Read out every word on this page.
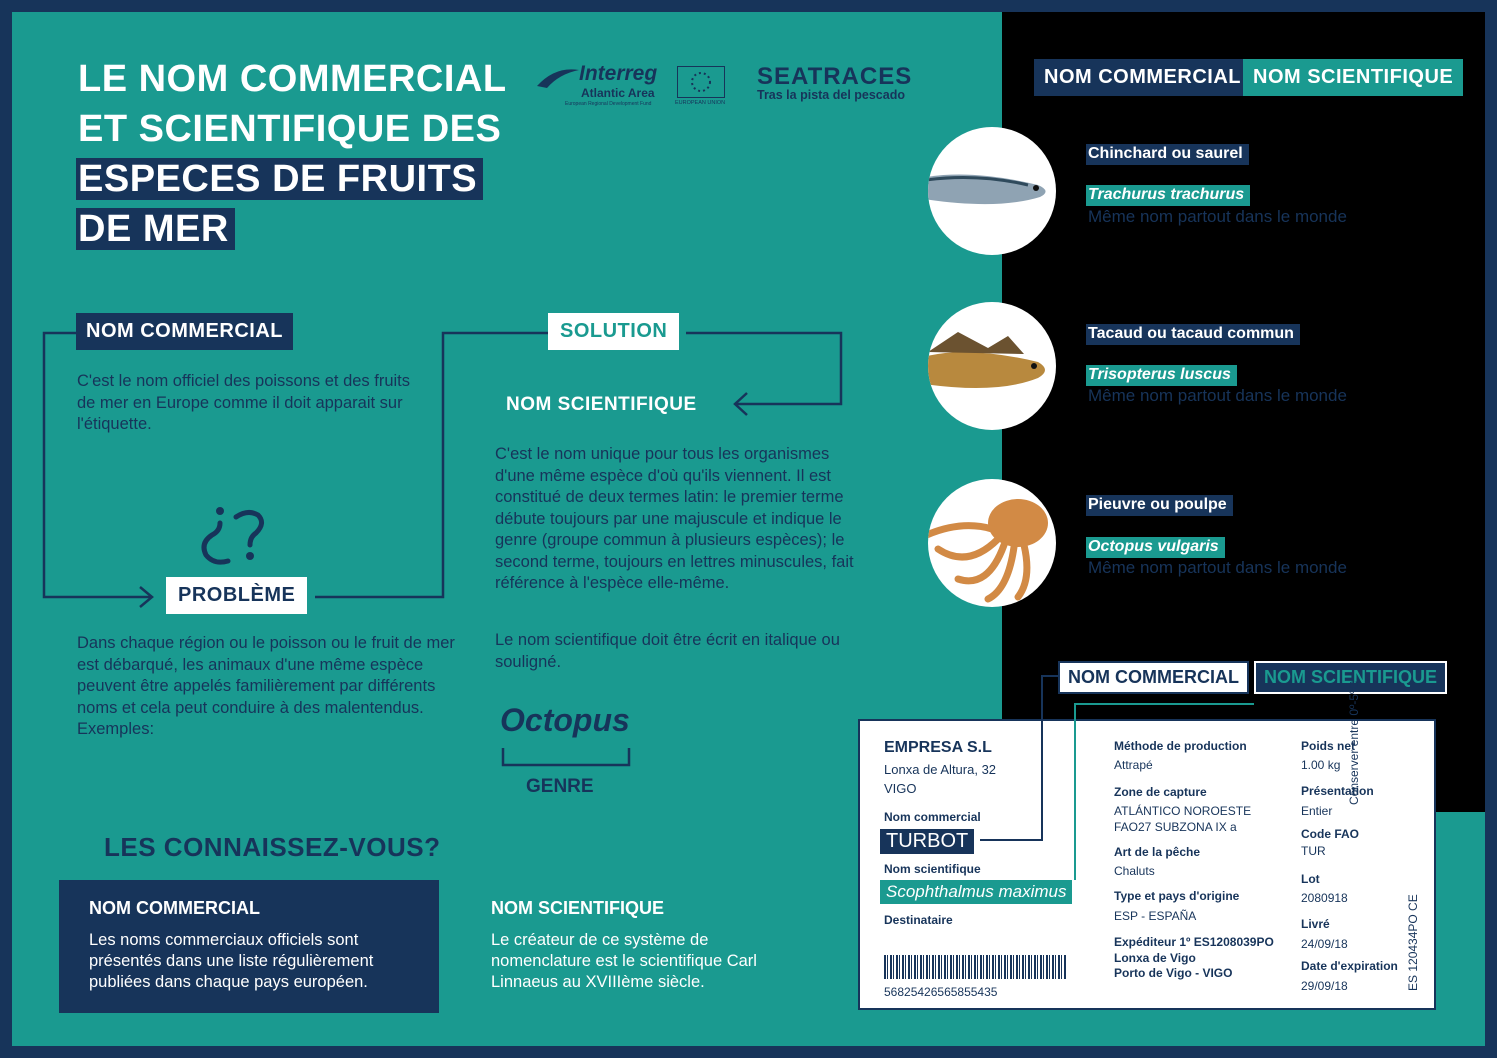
LE NOM COMMERCIAL
ET SCIENTIFIQUE DES
ESPECES DE FRUITS
DE MER
Interreg
Atlantic Area
European Regional Development Fund	EUROPEAN UNION
SEATRACES
Tras la pista del pescado
NOM COMMERCIAL NOM SCIENTIFIQUE
NOM COMMERCIAL
C'est le nom officiel des poissons et des fruits de mer en Europe comme il doit apparait sur l'étiquette.
SOLUTION
NOM SCIENTIFIQUE
C'est le nom unique pour tous les organismes d'une même espèce d'où qu'ils viennent. Il est constitué de deux termes latin: le premier terme débute toujours par une majuscule et indique le genre (groupe commun à plusieurs espèces); le second terme, toujours en lettres minuscules, fait référence à l'espèce elle-même.
Le nom scientifique doit être écrit en italique ou souligné.
PROBLÈME
Dans chaque région ou le poisson ou le fruit de mer est débarqué, les animaux d'une même espèce peuvent être appelés familièrement par différents noms et cela peut conduire à des malentendus. Exemples:	Octopus
GENRE
LES CONNAISSEZ-VOUS?
NOM COMMERCIAL
Les noms commerciaux officiels sont présentés dans une liste régulièrement publiées dans chaque pays européen.
NOM SCIENTIFIQUE
Le créateur de ce système de nomenclature est le scientifique Carl Linnaeus au XVIIIème siècle.
Chinchard ou saurel
Trachurus trachurus
Même nom partout dans le monde
Tacaud ou tacaud commun
Trisopterus luscus
Même nom partout dans le monde
Pieuvre ou poulpe
Octopus vulgaris
Même nom partout dans le monde
NOM COMMERCIAL	NOM SCIENTIFIQUE
EMPRESA S.L
Lonxa de Altura, 32
VIGO
Nom commercial
TURBOT
Nom scientifique
Scophthalmus maximus
Destinataire
56825426565855435
Méthode de production
Attrapé
Zone de capture
ATLÁNTICO NOROESTE
FAO27 SUBZONA IX a
Art de la pêche
Chaluts
Type et pays d'origine
ESP - ESPAÑA
Expéditeur 1º ES1208039PO
Lonxa de Vigo
Porto de Vigo - VIGO
Poids net
1.00 kg
Présentation
Entier
Code FAO
TUR
Lot
2080918
Livré
24/09/18
Date d'expiration
29/09/18
Conserver entre 0º-5ºC
ES 120434PO CE
